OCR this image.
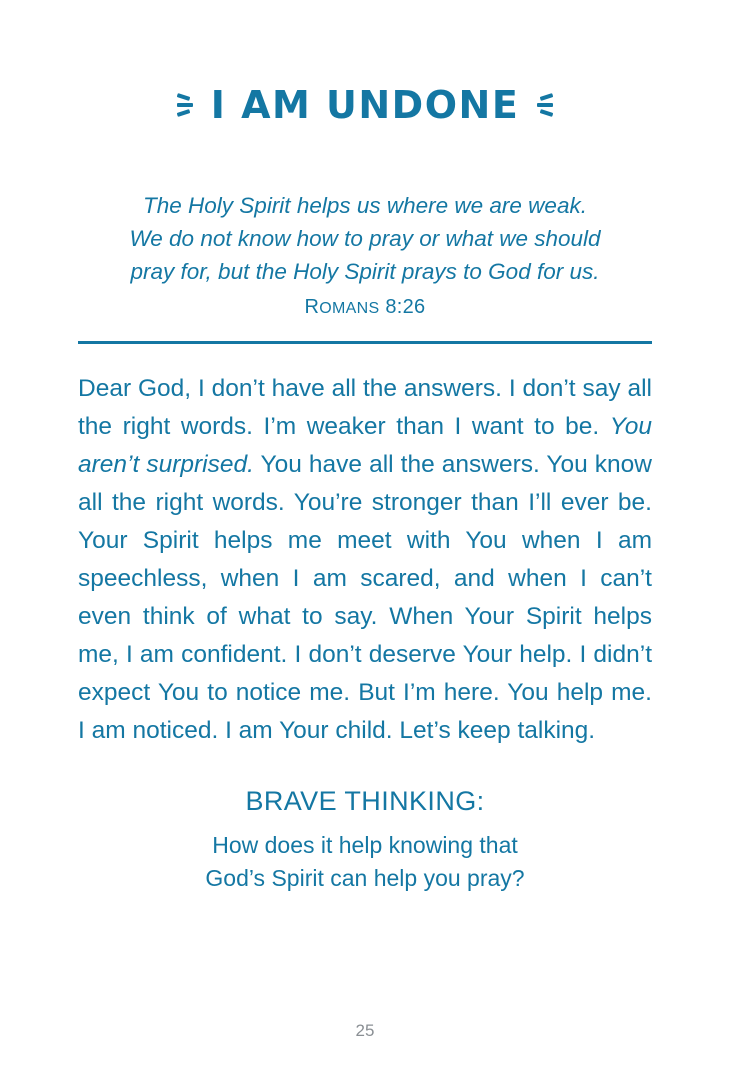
I AM UNDONE
The Holy Spirit helps us where we are weak.
We do not know how to pray or what we should
pray for, but the Holy Spirit prays to God for us.
ROMANS 8:26
Dear God, I don’t have all the answers. I don’t say all the right words. I’m weaker than I want to be. You aren’t surprised. You have all the answers. You know all the right words. You’re stronger than I’ll ever be. Your Spirit helps me meet with You when I am speechless, when I am scared, and when I can’t even think of what to say. When Your Spirit helps me, I am confident. I don’t deserve Your help. I didn’t expect You to notice me. But I’m here. You help me. I am noticed. I am Your child. Let’s keep talking.
BRAVE THINKING:
How does it help knowing that
God’s Spirit can help you pray?
25
